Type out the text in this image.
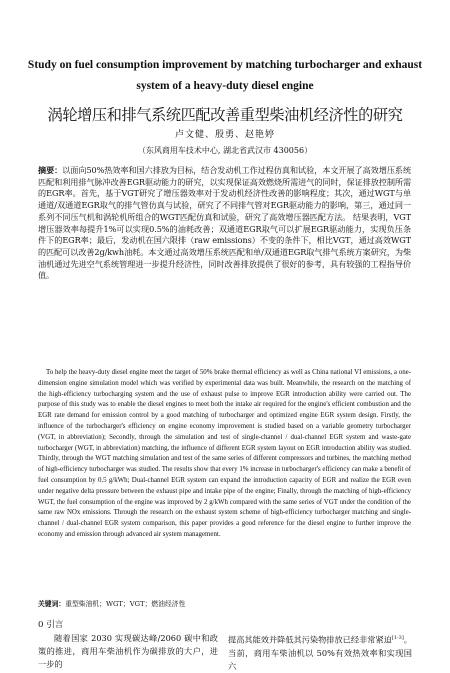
Study on fuel consumption improvement by matching turbocharger and exhaust
system of a heavy-duty diesel engine
涡轮增压和排气系统匹配改善重型柴油机经济性的研究
卢文健、殷勇、赵艳婷
（东风商用车技术中心, 湖北省武汉市 430056）
摘要：以面向50%热效率和国六排放为目标，结合发动机工作过程仿真和试验，本文开展了高效增压系统匹配和利用排气脉冲改善EGR驱动能力的研究，以实现保证高效燃烧所需进气的同时，保证排放控制所需的EGR率。首先，基于VGT研究了增压器效率对于发动机经济性改善的影响程度；其次，通过WGT与单通道/双通道EGR取气的排气管仿真与试验，研究了不同排气管对EGR驱动能力的影响，第三，通过同一系列不同压气机和涡轮机所组合的WGT匹配仿真和试验，研究了高效增压器匹配方法。 结果表明，VGT增压器效率每提升1%可以实现0.5%的油耗改善；双通道EGR取气可以扩展EGR驱动能力，实现负压条件下的EGR率；最后，发动机在国六限排（raw emissions）不变的条件下，相比VGT，通过高效WGT 的匹配可以改善2g/kwh油耗。本文通过高效增压系统匹配和单/双通道EGR取气排气系统方案研究，为柴油机通过先进空气系统管理进一步提升经济性，同时改善排放提供了很好的参考，具有较强的工程指导价值。
To help the heavy-duty diesel engine meet the target of 50% brake thermal efficiency as well as China national VI emissions, a one-dimension engine simulation model which was verified by experimental data was built. Meanwhile, the research on the matching of the high-efficiency turbocharging system and the use of exhaust pulse to improve EGR introduction ability were carried out. The purpose of this study was to enable the diesel engines to meet both the intake air required for the engine's efficient combustion and the EGR rate demand for emission control by a good matching of turbocharger and optimized engine EGR system design. Firstly, the influence of the turbocharger's efficiency on engine economy improvement is studied based on a variable geometry turbocharger (VGT, in abbreviation); Secondly, through the simulation and test of single-channel / dual-channel EGR system and waste-gate turbocharger (WGT, in abbreviation) matching, the influence of different EGR system layout on EGR introduction ability was studied. Thirdly, through the WGT matching simulation and test of the same series of different compressors and turbines, the matching method of high-efficiency turbocharger was studied. The results show that every 1% increase in turbocharger's efficiency can make a benefit of fuel consumption by 0.5 g/kWh; Dual-channel EGR system can expand the introduction capacity of EGR and realize the EGR even under negative delta pressure between the exhaust pipe and intake pipe of the engine; Finally, through the matching of high-efficiency WGT, the fuel consumption of the engine was improved by 2 g/kWh compared with the same series of VGT under the condition of the same raw NOx emissions. Through the research on the exhaust system scheme of high-efficiency turbocharger matching and single-channel / dual-channel EGR system comparison, this paper provides a good reference for the diesel engine to further improve the economy and emission through advanced air system management.
关键词：重型柴油机；WGT；VGT；燃油经济性
0 引言
随着国家 2030 实现碳达峰/2060 碳中和政策的推进，商用车柴油机作为碳排放的大户，进一步的
提高其能效并降低其污染物排放已经非常紧迫[1-3]。当前，商用车柴油机以 50%有效热效率和实现国六
